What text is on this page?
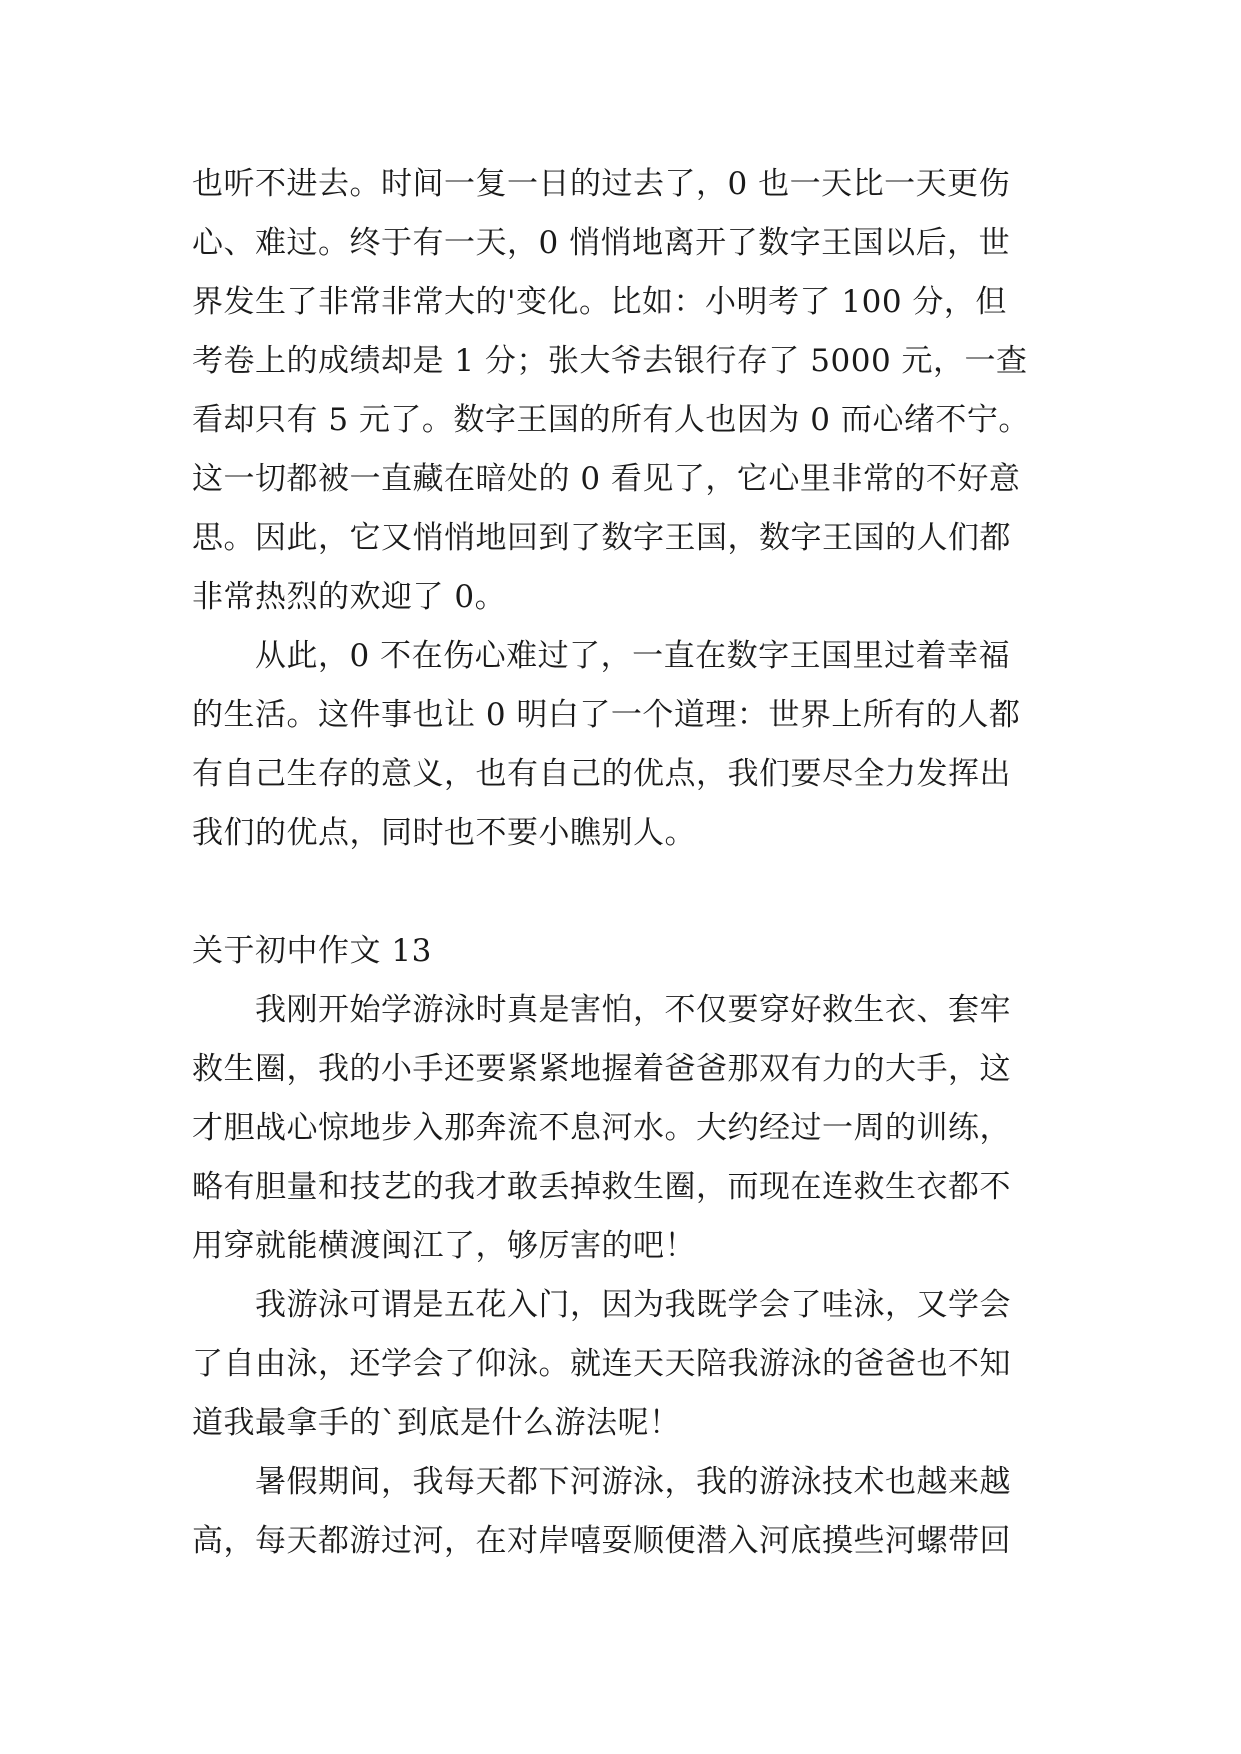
也听不进去。时间一复一日的过去了，0 也一天比一天更伤
心、难过。终于有一天，0 悄悄地离开了数字王国以后，世
界发生了非常非常大的'变化。比如：小明考了 100 分，但
考卷上的成绩却是 1 分；张大爷去银行存了 5000 元，一查
看却只有 5 元了。数字王国的所有人也因为 0 而心绪不宁。
这一切都被一直藏在暗处的 0 看见了，它心里非常的不好意
思。因此，它又悄悄地回到了数字王国，数字王国的人们都
非常热烈的欢迎了 0。
　　从此，0 不在伤心难过了，一直在数字王国里过着幸福
的生活。这件事也让 0 明白了一个道理：世界上所有的人都
有自己生存的意义，也有自己的优点，我们要尽全力发挥出
我们的优点，同时也不要小瞧别人。
关于初中作文 13
　　我刚开始学游泳时真是害怕，不仅要穿好救生衣、套牢
救生圈，我的小手还要紧紧地握着爸爸那双有力的大手，这
才胆战心惊地步入那奔流不息河水。大约经过一周的训练，
略有胆量和技艺的我才敢丢掉救生圈，而现在连救生衣都不
用穿就能横渡闽江了，够厉害的吧！
　　我游泳可谓是五花入门，因为我既学会了哇泳，又学会
了自由泳，还学会了仰泳。就连天天陪我游泳的爸爸也不知
道我最拿手的`到底是什么游法呢！
　　暑假期间，我每天都下河游泳，我的游泳技术也越来越
高，每天都游过河，在对岸嘻耍顺便潜入河底摸些河螺带回
